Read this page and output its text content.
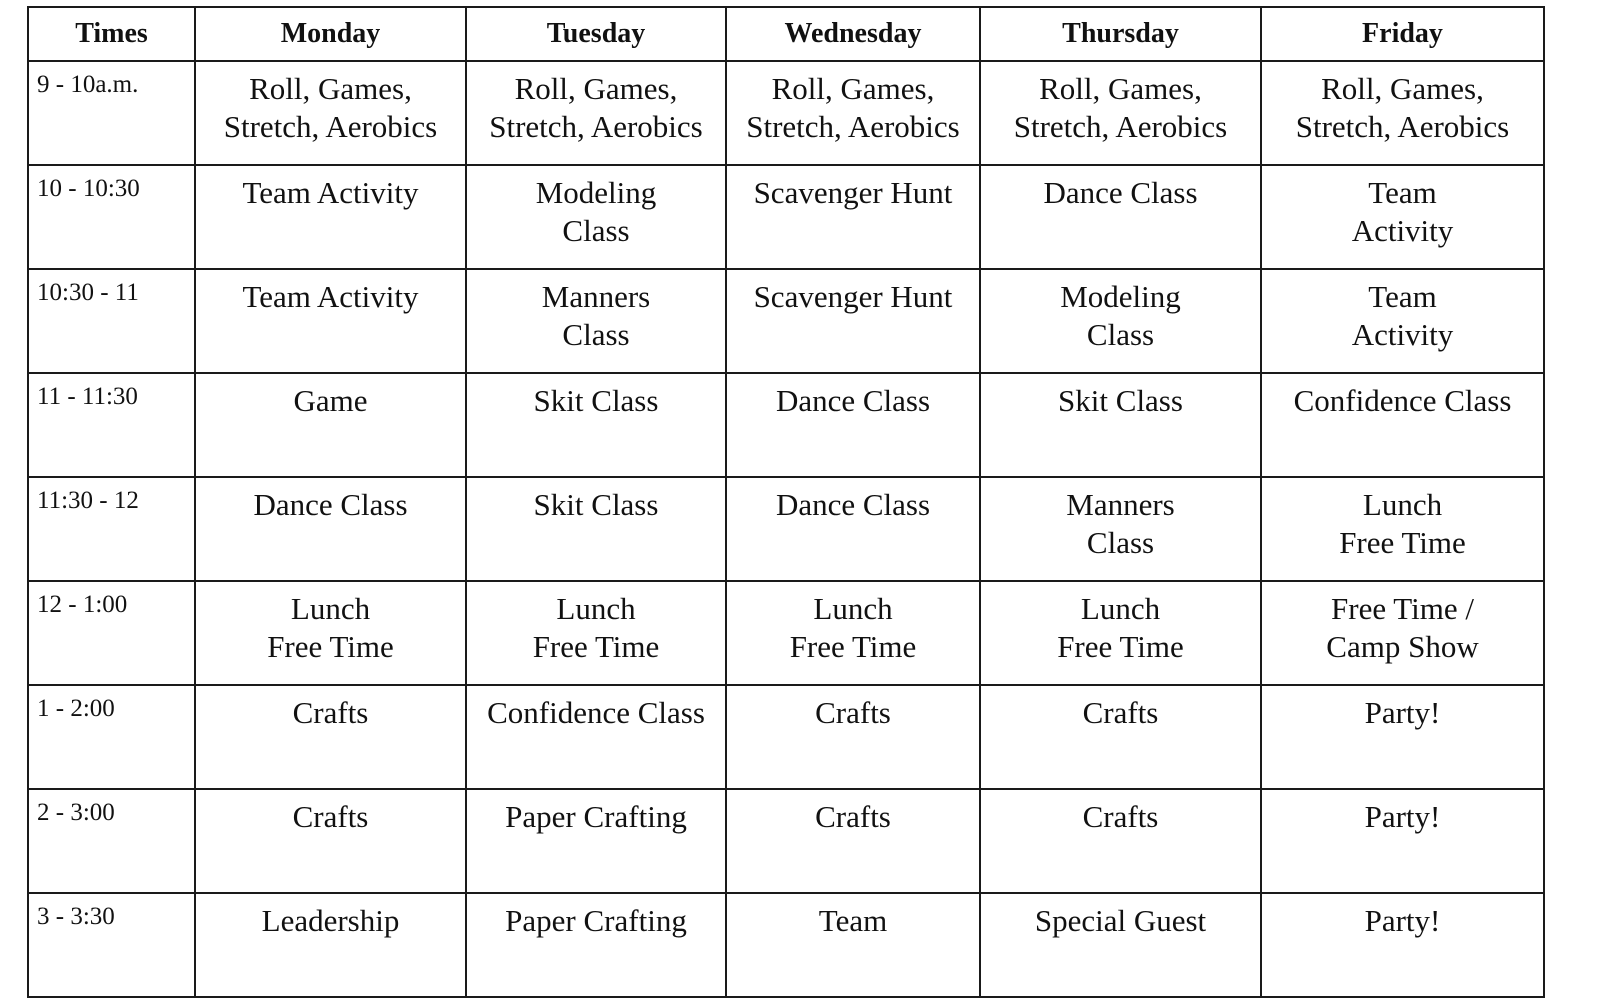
Times	Monday	Tuesday	Wednesday	Thursday	Friday
9 - 10a.m.	Roll, Games,
Stretch, Aerobics	Roll, Games,
Stretch, Aerobics	Roll, Games,
Stretch, Aerobics	Roll, Games,
Stretch, Aerobics	Roll, Games,
Stretch, Aerobics

10 - 10:30	Team Activity	Modeling
Class	Scavenger Hunt	Dance Class	Team
Activity

10:30 - 11	Team Activity	Manners
Class	Scavenger Hunt	Modeling
Class	Team
Activity

11 - 11:30	Game	Skit Class	Dance Class	Skit Class	Confidence Class

11:30 - 12	Dance Class	Skit Class	Dance Class	Manners
Class	Lunch
Free Time

12 - 1:00	Lunch
Free Time	Lunch
Free Time	Lunch
Free Time	Lunch
Free Time	Free Time /
Camp Show

1 - 2:00	Crafts	Confidence Class	Crafts	Crafts	Party!

2 - 3:00	Crafts	Paper Crafting	Crafts	Crafts	Party!

3 - 3:30	Leadership	Paper Crafting	Team	Special Guest	Party!
